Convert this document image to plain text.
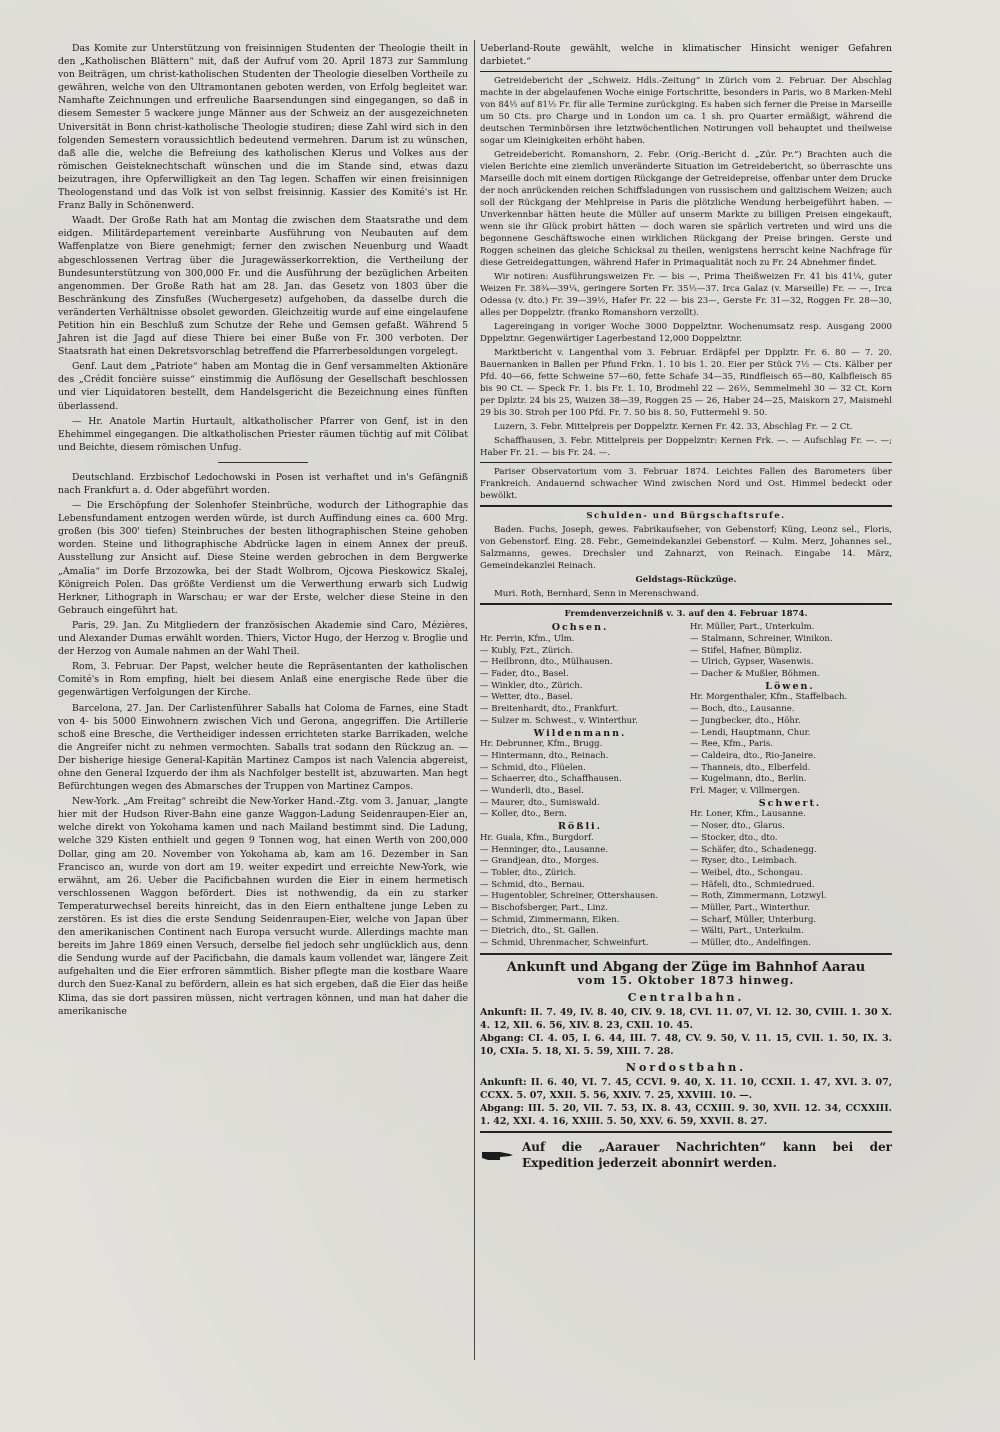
Das Komite zur Unterstützung von freisinnigen Studenten der Theologie theilt in den „Katholischen Blättern“ mit, daß der Aufruf vom 20. April 1873 zur Sammlung von Beiträgen, um christ-katholischen Studenten der Theologie dieselben Vortheile zu gewähren, welche von den Ultramontanen geboten werden, von Erfolg begleitet war. Namhafte Zeichnungen und erfreuliche Baarsendungen sind eingegangen, so daß in diesem Semester 5 wackere junge Männer aus der Schweiz an der ausgezeichneten Universität in Bonn christ-katholische Theologie studiren; diese Zahl wird sich in den folgenden Semestern voraussichtlich bedeutend vermehren. Darum ist zu wünschen, daß alle die, welche die Befreiung des katholischen Klerus und Volkes aus der römischen Geisteknechtschaft wünschen und die im Stande sind, etwas dazu beizutragen, ihre Opferwilligkeit an den Tag legen. Schaffen wir einen freisinnigen Theologenstand und das Volk ist von selbst freisinnig. Kassier des Komité's ist Hr. Franz Bally in Schönenwerd.

Waadt. Der Große Rath hat am Montag die zwischen dem Staatsrathe und dem eidgen. Militärdepartement vereinbarte Ausführung von Neubauten auf dem Waffenplatze von Biere genehmigt; ferner den zwischen Neuenburg und Waadt abgeschlossenen Vertrag über die Juragewässerkorrektion, die Vertheilung der Bundesunterstützung von 300,000 Fr. und die Ausführung der bezüglichen Arbeiten angenommen. Der Große Rath hat am 28. Jan. das Gesetz von 1803 über die Beschränkung des Zinsfußes (Wuchergesetz) aufgehoben, da dasselbe durch die veränderten Verhältnisse obsolet geworden. Gleichzeitig wurde auf eine eingelaufene Petition hin ein Beschluß zum Schutze der Rehe und Gemsen gefaßt. Während 5 Jahren ist die Jagd auf diese Thiere bei einer Buße von Fr. 300 verboten. Der Staatsrath hat einen Dekretsvorschlag betreffend die Pfarrerbesoldungen vorgelegt.

Genf. Laut dem „Patriote“ haben am Montag die in Genf versammelten Aktionäre des „Crédit foncière suisse“ einstimmig die Auflösung der Gesellschaft beschlossen und vier Liquidatoren bestellt, dem Handelsgericht die Bezeichnung eines fünften überlassend.

— Hr. Anatole Martin Hurtault, altkatholischer Pfarrer von Genf, ist in den Ehehimmel eingegangen. Die altkatholischen Priester räumen tüchtig auf mit Cölibat und Beichte, diesem römischen Unfug.

Deutschland. Erzbischof Ledochowski in Posen ist verhaftet und in's Gefängniß nach Frankfurt a. d. Oder abgeführt worden.

— Die Erschöpfung der Solenhofer Steinbrüche, wodurch der Lithographie das Lebensfundament entzogen werden würde, ist durch Auffindung eines ca. 600 Mrg. großen (bis 300' tiefen) Steinbruches der besten lithographischen Steine gehoben worden. Steine und lithographische Abdrücke lagen in einem Annex der preuß. Ausstellung zur Ansicht auf. Diese Steine werden gebrochen in dem Bergwerke „Amalia“ im Dorfe Brzozowka, bei der Stadt Wolbrom, Ojcowa Pieskowicz Skalej, Königreich Polen. Das größte Verdienst um die Verwerthung erwarb sich Ludwig Herkner, Lithograph in Warschau; er war der Erste, welcher diese Steine in den Gebrauch eingeführt hat.

Paris, 29. Jan. Zu Mitgliedern der französischen Akademie sind Caro, Mézières, und Alexander Dumas erwählt worden. Thiers, Victor Hugo, der Herzog v. Broglie und der Herzog von Aumale nahmen an der Wahl Theil.

Rom, 3. Februar. Der Papst, welcher heute die Repräsentanten der katholischen Comité's in Rom empfing, hielt bei diesem Anlaß eine energische Rede über die gegenwärtigen Verfolgungen der Kirche.

Barcelona, 27. Jan. Der Carlistenführer Saballs hat Coloma de Farnes, eine Stadt von 4- bis 5000 Einwohnern zwischen Vich und Gerona, angegriffen. Die Artillerie schoß eine Bresche, die Vertheidiger indessen errichteten starke Barrikaden, welche die Angreifer nicht zu nehmen vermochten. Saballs trat sodann den Rückzug an. — Der bisherige hiesige General-Kapitän Martinez Campos ist nach Valencia abgereist, ohne den General Izquerdo der ihm als Nachfolger bestellt ist, abzuwarten. Man hegt Befürchtungen wegen des Abmarsches der Truppen von Martinez Campos.

New-York. „Am Freitag“ schreibt die New-Yorker Hand.-Ztg. vom 3. Januar, „langte hier mit der Hudson River-Bahn eine ganze Waggon-Ladung Seidenraupen-Eier an, welche direkt von Yokohama kamen und nach Mailand bestimmt sind. Die Ladung, welche 329 Kisten enthielt und gegen 9 Tonnen wog, hat einen Werth von 200,000 Dollar, ging am 20. November von Yokohama ab, kam am 16. Dezember in San Francisco an, wurde von dort am 19. weiter expedirt und erreichte New-York, wie erwähnt, am 26. Ueber die Pacificbahnen wurden die Eier in einem hermetisch verschlossenen Waggon befördert. Dies ist nothwendig, da ein zu starker Temperaturwechsel bereits hinreicht, das in den Eiern enthaltene junge Leben zu zerstören. Es ist dies die erste Sendung Seidenraupen-Eier, welche von Japan über den amerikanischen Continent nach Europa versucht wurde. Allerdings machte man bereits im Jahre 1869 einen Versuch, derselbe fiel jedoch sehr unglücklich aus, denn die Sendung wurde auf der Pacificbahn, die damals kaum vollendet war, längere Zeit aufgehalten und die Eier erfroren sämmtlich. Bisher pflegte man die kostbare Waare durch den Suez-Kanal zu befördern, allein es hat sich ergeben, daß die Eier das heiße Klima, das sie dort passiren müssen, nicht vertragen können, und man hat daher die amerikanische

Ueberland-Route gewählt, welche in klimatischer Hinsicht weniger Gefahren darbietet.“

Getreidebericht der „Schweiz. Hdls.-Zeitung“ in Zürich vom 2. Februar. Der Abschlag machte in der abgelaufenen Woche einige Fortschritte, besonders in Paris, wo 8 Marken-Mehl von 84½ auf 81½ Fr. für alle Termine zurückging. Es haben sich ferner die Preise in Marseille um 50 Cts. pro Charge und in London um ca. 1 sh. pro Quarter ermäßigt, während die deutschen Terminbörsen ihre letztwöchentlichen Notirungen voll behauptet und theilweise sogar um Kleinigkeiten erhöht haben.

Getreidebericht. Romanshorn, 2. Febr. (Orig.-Bericht d. „Zür. Pr.“) Brachten auch die vielen Berichte eine ziemlich unveränderte Situation im Getreidebericht, so überraschte uns Marseille doch mit einem dortigen Rückgange der Getreidepreise, offenbar unter dem Drucke der noch anrückenden reichen Schiffsladungen von russischem und galizischem Weizen; auch soll der Rückgang der Mehlpreise in Paris die plötzliche Wendung herbeigeführt haben. — Unverkennbar hätten heute die Müller auf unserm Markte zu billigen Preisen eingekauft, wenn sie ihr Glück probirt hätten — doch waren sie spärlich vertreten und wird uns die begonnene Geschäftswoche einen wirklichen Rückgang der Preise bringen. Gerste und Roggen scheinen das gleiche Schicksal zu theilen, wenigstens herrscht keine Nachfrage für diese Getreidegattungen, während Hafer in Primaqualität noch zu Fr. 24 Abnehmer findet.

Wir notiren: Ausführungsweizen Fr. — bis —, Prima Theißweizen Fr. 41 bis 41¼, guter Weizen Fr. 38¾—39¼, geringere Sorten Fr. 35½—37. Irca Galaz (v. Marseille) Fr. — —, Irca Odessa (v. dto.) Fr. 39—39½, Hafer Fr. 22 — bis 23—, Gerste Fr. 31—32, Roggen Fr. 28—30, alles per Doppelztr. (franko Romanshorn verzollt).

Lagereingang in voriger Woche 3000 Doppelztnr. Wochenumsatz resp. Ausgang 2000 Dppelztnr. Gegenwärtiger Lagerbestand 12,000 Doppelztnr.

Marktbericht v. Langenthal vom 3. Februar. Erdäpfel per Dpplztr. Fr. 6. 80 — 7. 20. Bauernanken in Ballen per Pfund Frkn. 1. 10 bis 1. 20. Eier per Stück 7½ — Cts. Kälber per Pfd. 40—66, fette Schweine 57—60, fette Schafe 34—35, Rindfleisch 65—80, Kalbfleisch 85 bis 90 Ct. — Speck Fr. 1. bis Fr. 1. 10, Brodmehl 22 — 26½, Semmelmehl 30 — 32 Ct. Korn per Dplztr. 24 bis 25, Waizen 38—39, Roggen 25 — 26, Haber 24—25, Maiskorn 27, Maismehl 29 bis 30. Stroh per 100 Pfd. Fr. 7. 50 bis 8. 50, Futtermehl 9. 50.

Luzern, 3. Febr. Mittelpreis per Doppelztr. Kernen Fr. 42. 33, Abschlag Fr. — 2 Ct.

Schaffhausen, 3. Febr. Mittelpreis per Doppelzntr: Kernen Frk. —. — Aufschlag Fr. —. —; Haber Fr. 21. — bis Fr. 24. —.

Pariser Observatorium vom 3. Februar 1874. Leichtes Fallen des Barometers über Frankreich. Andauernd schwacher Wind zwischen Nord und Ost. Himmel bedeckt oder bewölkt.

Schulden- und Bürgschaftsrufe.

Baden. Fuchs, Joseph, gewes. Fabrikaufseher, von Gebenstorf; Küng, Leonz sel., Floris, von Gebenstorf. Eing. 28. Febr., Gemeindekanzlei Gebenstorf. — Kulm. Merz, Johannes sel., Salzmanns, gewes. Drechsler und Zahnarzt, von Reinach. Eingabe 14. März, Gemeindekanzlei Reinach.

Geldstags-Rückzüge.

Muri. Roth, Bernhard, Senn in Merenschwand.

Fremdenverzeichniß v. 3. auf den 4. Februar 1874.
Ochsen.
Hr. Perrin, Kfm., Ulm.
— Kubly, Fzt., Zürich.
— Heilbronn, dto., Mülhausen.
— Fader, dto., Basel.
— Winkler, dto., Zürich.
— Wetter, dto., Basel.
— Breitenhardt, dto., Frankfurt.
— Sulzer m. Schwest., v. Winterthur.
Wildenmann.
Hr. Debrunner, Kfm., Brugg.
— Hintermann, dto., Reinach.
— Schmid, dto., Flüelen.
— Schaerrer, dto., Schaffhausen.
— Wunderli, dto., Basel.
— Maurer, dto., Sumiswald.
— Koller, dto., Bern.
Rößli.
Hr. Guala, Kfm., Burgdorf.
— Henninger, dto., Lausanne.
— Grandjean, dto., Morges.
— Tobler, dto., Zürich.
— Schmid, dto., Bernau.
— Hugentobler, Schreiner, Ottershausen.
— Bischofsberger, Part., Linz.
— Schmid, Zimmermann, Eiken.
— Dietrich, dto., St. Gallen.
— Schmid, Uhrenmacher, Schweinfurt.
Hr. Müller, Part., Unterkulm.
— Stalmann, Schreiner, Winikon.
— Stifel, Hafner, Bümpliz.
— Ulrich, Gypser, Wasenwis.
— Dacher & Mußler, Böhmen.
Löwen.
Hr. Morgenthaler, Kfm., Staffelbach.
— Boch, dto., Lausanne.
— Jungbecker, dto., Höhr.
— Lendi, Hauptmann, Chur.
— Ree, Kfm., Paris.
— Caldeira, dto., Rio-Janeire.
— Thanneis, dto., Elberfeld.
— Kugelmann, dto., Berlin.
Frl. Mager, v. Villmergen.
Schwert.
Hr. Loner, Kfm., Lausanne.
— Noser, dto., Glarus.
— Stocker, dto., dto.
— Schäfer, dto., Schadenegg.
— Ryser, dto., Leimbach.
— Weibel, dto., Schongau.
— Häfeli, dto., Schmiedrued.
— Roth, Zimmermann, Lotzwyl.
— Müller, Part., Winterthur.
— Scharf, Müller, Unterburg.
— Wälti, Part., Unterkulm.
— Müller, dto., Andelfingen.
Ankunft und Abgang der Züge im Bahnhof Aarau
vom 15. Oktober 1873 hinweg.
Centralbahn.
Ankunft: II. 7. 49, IV. 8. 40, CIV. 9. 18, CVI. 11. 07, VI. 12. 30, CVIII. 1. 30 X. 4. 12, XII. 6. 56, XIV. 8. 23, CXII. 10. 45.
Abgang: CI. 4. 05, I. 6. 44, III. 7. 48, CV. 9. 50, V. 11. 15, CVII. 1. 50, IX. 3. 10, CXIa. 5. 18, XI. 5. 59, XIII. 7. 28.
Nordostbahn.
Ankunft: II. 6. 40, VI. 7. 45, CCVI. 9. 40, X. 11. 10, CCXII. 1. 47, XVI. 3. 07, CCXX. 5. 07, XXII. 5. 56, XXIV. 7. 25, XXVIII. 10. —.
Abgang: III. 5. 20, VII. 7. 53, IX. 8. 43, CCXIII. 9. 30, XVII. 12. 34, CCXXIII. 1. 42, XXI. 4. 16, XXIII. 5. 50, XXV. 6. 59, XXVII. 8. 27.
Auf die „Aarauer Nachrichten“ kann bei der Expedition jederzeit abonnirt werden.
